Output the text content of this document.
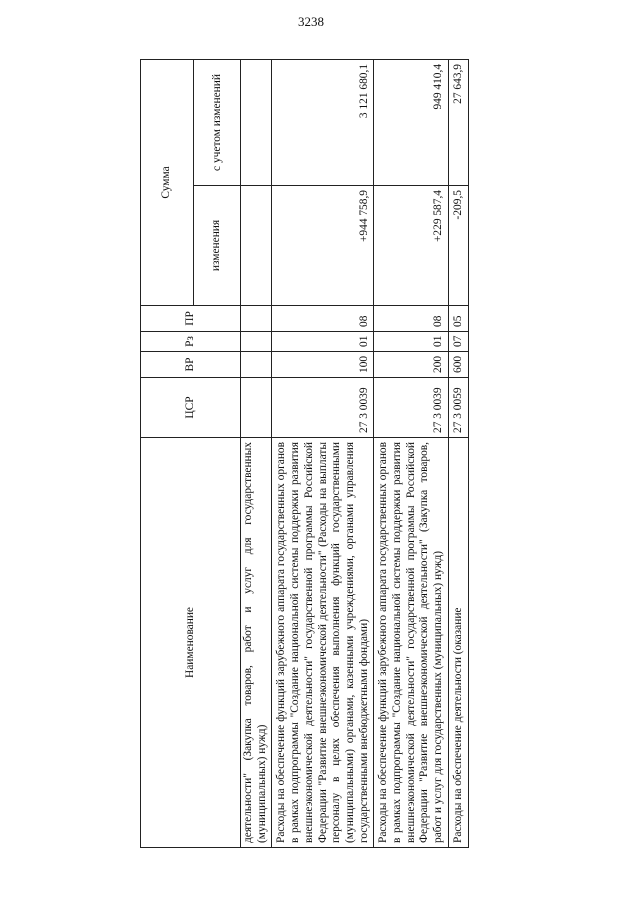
3238
Наименование	ЦСР	ВР	Рз	ПР	Сумма	
					изменения	с учетом изменений
деятельности" (Закупка товаров, работ и услуг для государственных (муниципальных) нужд)						
Расходы на обеспечение функций зарубежного аппарата государственных органов в рамках подпрограммы "Создание национальной системы поддержки развития внешнеэкономической деятельности" государственной программы Российской Федерации "Развитие внешнеэкономической деятельности" (Расходы на выплаты персоналу в целях обеспечения выполнения функций государственными (муниципальными) органами, казенными учреждениями, органами управления государственными внебюджетными фондами)	27 3 0039	100	01	08	+944 758,9	3 121 680,1
Расходы на обеспечение функций зарубежного аппарата государственных органов в рамках подпрограммы "Создание национальной системы поддержки развития внешнеэкономической деятельности" государственной программы Российской Федерации "Развитие внешнеэкономической деятельности" (Закупка товаров, работ и услуг для государственных (муниципальных) нужд)	27 3 0039	200	01	08	+229 587,4	949 410,4
Расходы на обеспечение деятельности (оказание	27 3 0059	600	07	05	-209,5	27 643,9
